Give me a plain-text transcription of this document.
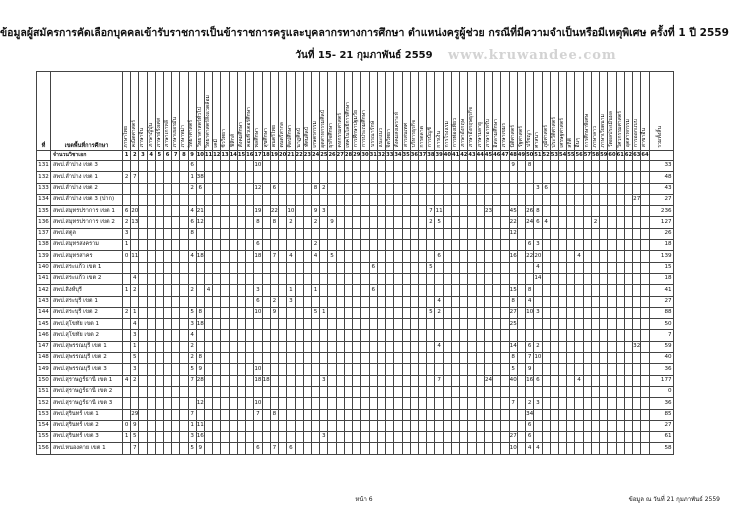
ข้อมูลผู้สมัครการคัดเลือกบุคคลเข้ารับราชการเป็นข้าราชการครูและบุคลากรทางการศึกษา ตำแหน่งครูผู้ช่วย กรณีที่มีความจำเป็นหรือมีเหตุพิเศษ ครั้งที่ 1 ปี 2559
วันที่ 15- 21 กุมภาพันธ์ 2559	www.kruwandee.com
ที่	เขตพื้นที่การศึกษา	ภาษาไทย	คณิตศาสตร์	ภาษาจีน	ภาษาญี่ปุ่น	ภาษาฝรั่งเศส	ภาษาเกาหลี	ภาษาเยอรมัน	ภาษาพม่า	วิทยาศาสตร์	วิทยาศาสตร์ทั่วไป	วิทยาศาสตร์สิ่งแวดล้อม	เคมี	ชีววิทยา	ฟิสิกส์	สังคมศึกษา	คอมพิวเตอร์ศึกษา	พลศึกษา	สุขศึกษา	ดนตรีไทย	ดนตรีสากล	ศิลปศึกษา	นาฏศิลป์	ทัศนศิลป์	เกษตรกรรม	อุตสาหกรรมศิลป์	ธุรกิจศึกษา	คหกรรมศาสตร์	เทคโนโลยีการศึกษา	การศึกษาปฐมวัย	การประถมศึกษา	บรรณารักษ์	แนะแนว	จิตวิทยา	สังคมสงเคราะห์	สารสนเทศ	บริหารธุรกิจ	การตลาด	การบัญชี	การเงิน	การโรงแรม	การท่องเที่ยว	ภาษาอังกฤษ	ภาษาอังกฤษธุรกิจ	ภาษามลายู	ภาษาอาหรับ	อิสลามศึกษา	ภาษาเขมร	นิติศาสตร์	รัฐศาสตร์	ปรัชญา	ศาสนา	ภูมิศาสตร์	ประวัติศาสตร์	เศรษฐศาสตร์	สถิติ	อื่นๆ	การศึกษาพิเศษ	ภาษาลาว	ภาษาเวียดนาม	วัดผลประเมินผล	วิศวกรรมศาสตร์	อุตสาหกรรม	การออกแบบ	สาขาอื่น	รวมทั้งสิ้น
	จำนวนวิชาเอก	1	2	3	4	5	6	7	8	9	10	11	12	13	14	15	16	17	18	19	20	21	22	23	24	25	26	27	28	29	30	31	32	33	34	35	36	37	38	39	40	41	42	43	44	45	46	47	48	49	50	51	52	53	54	55	56	57	58	59	60	61	62	63	64	
131	สพป.ลำปาง เขต 3									6								10																															9		8															33
132	สพป.ลำปาง เขต 1	2	7							1	38																																																							48
133	สพป.ลำปาง เขต 2									2	6							12		6					8	2																										3	6													43
134	สพป.ลำปาง เขต 3 (ปาก)																																																															27		27
135	สพป.สมุทรปราการ เขต 1	6	20							4	21							19		22		10			9	3													7	11						23			45		26	8														236
136	สพป.สมุทรปราการ เขต 2	2	13							6	12							8		8		2			2		9												2	5									22		24	6	4						2							127
137	สพป.สตูล	3								8																																							12																	26
138	สพป.สมุทรสงคราม	1																6							2																										6	3														18
139	สพป.สมุทรสาคร	0	11							4	18							18		7		4			4		5													6									16		22	20					4									139
140	สพป.สระแก้ว เขต 1																															6							5													4														15
141	สพป.สระแก้ว เขต 2		4																																																	14														18
142	สพป.สิงห์บุรี	1	2							2		4						3				1			1							6																	15		8															41
143	สพป.สระบุรี เขต 1																	6		2		3																		4									8		4															27
144	สพป.สระบุรี เขต 2	2	1							5	8							10		9					5	1													5	2									27		10	3														88
145	สพป.สุโขทัย เขต 1		4							3	18																																						25																	50
146	สพป.สุโขทัย เขต 2		3							4																																																								7
147	สพป.สุพรรณบุรี เขต 1		1							2																														4									14		6	2												32		59
148	สพป.สุพรรณบุรี เขต 2		5							2	8																																						8		7	10														40
149	สพป.สุพรรณบุรี เขต 3		3							5	9							10																															5		9															36
150	สพป.สุราษฎร์ธานี เขต 1	4	2							7	28							18	18							3														7						24			40		16	6					4									177
151	สพป.สุราษฎร์ธานี เขต 2																																																																	0
152	สพป.สุราษฎร์ธานี เขต 3										12							10																															7		2	3														36
153	สพป.สุรินทร์ เขต 1		29							7								7		8																															34															85
154	สพป.สุรินทร์ เขต 2	0	9							1	11																																								6															27
155	สพป.สุรินทร์ เขต 3	1	5							3	16															3																							27		6															61
156	สพป.หนองคาย เขต 1		7							5	9							6		7		6																											10		4	4														58
หน้า 6	ข้อมูล ณ วันที่ 21 กุมภาพันธ์ 2559
